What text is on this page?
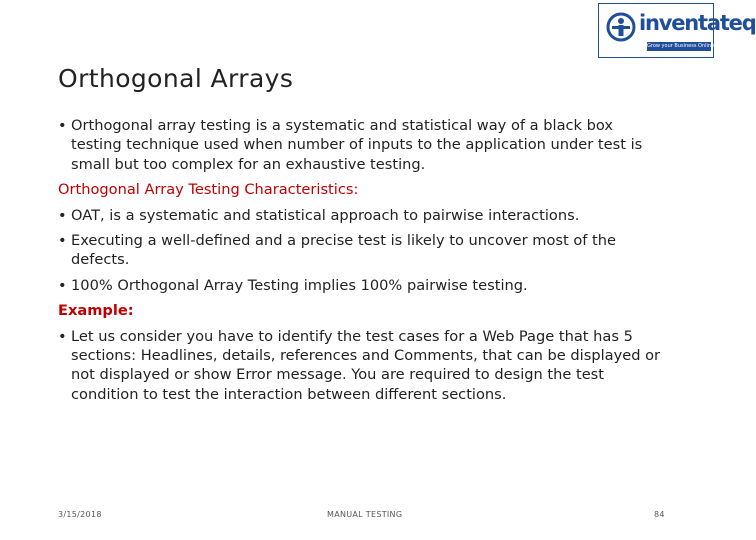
inventateq
Grow your Business Online
Orthogonal Arrays

• Orthogonal array testing is a systematic and statistical way of a black box testing technique used when number of inputs to the application under test is small but too complex for an exhaustive testing.

Orthogonal Array Testing Characteristics:

• OAT, is a systematic and statistical approach to pairwise interactions.

• Executing a well-defined and a precise test is likely to uncover most of the defects.

• 100% Orthogonal Array Testing implies 100% pairwise testing.

Example:

• Let us consider you have to identify the test cases for a Web Page that has 5 sections: Headlines, details, references and Comments, that can be displayed or not displayed or show Error message. You are required to design the test condition to test the interaction between different sections.

3/15/2018	MANUAL TESTING	84
